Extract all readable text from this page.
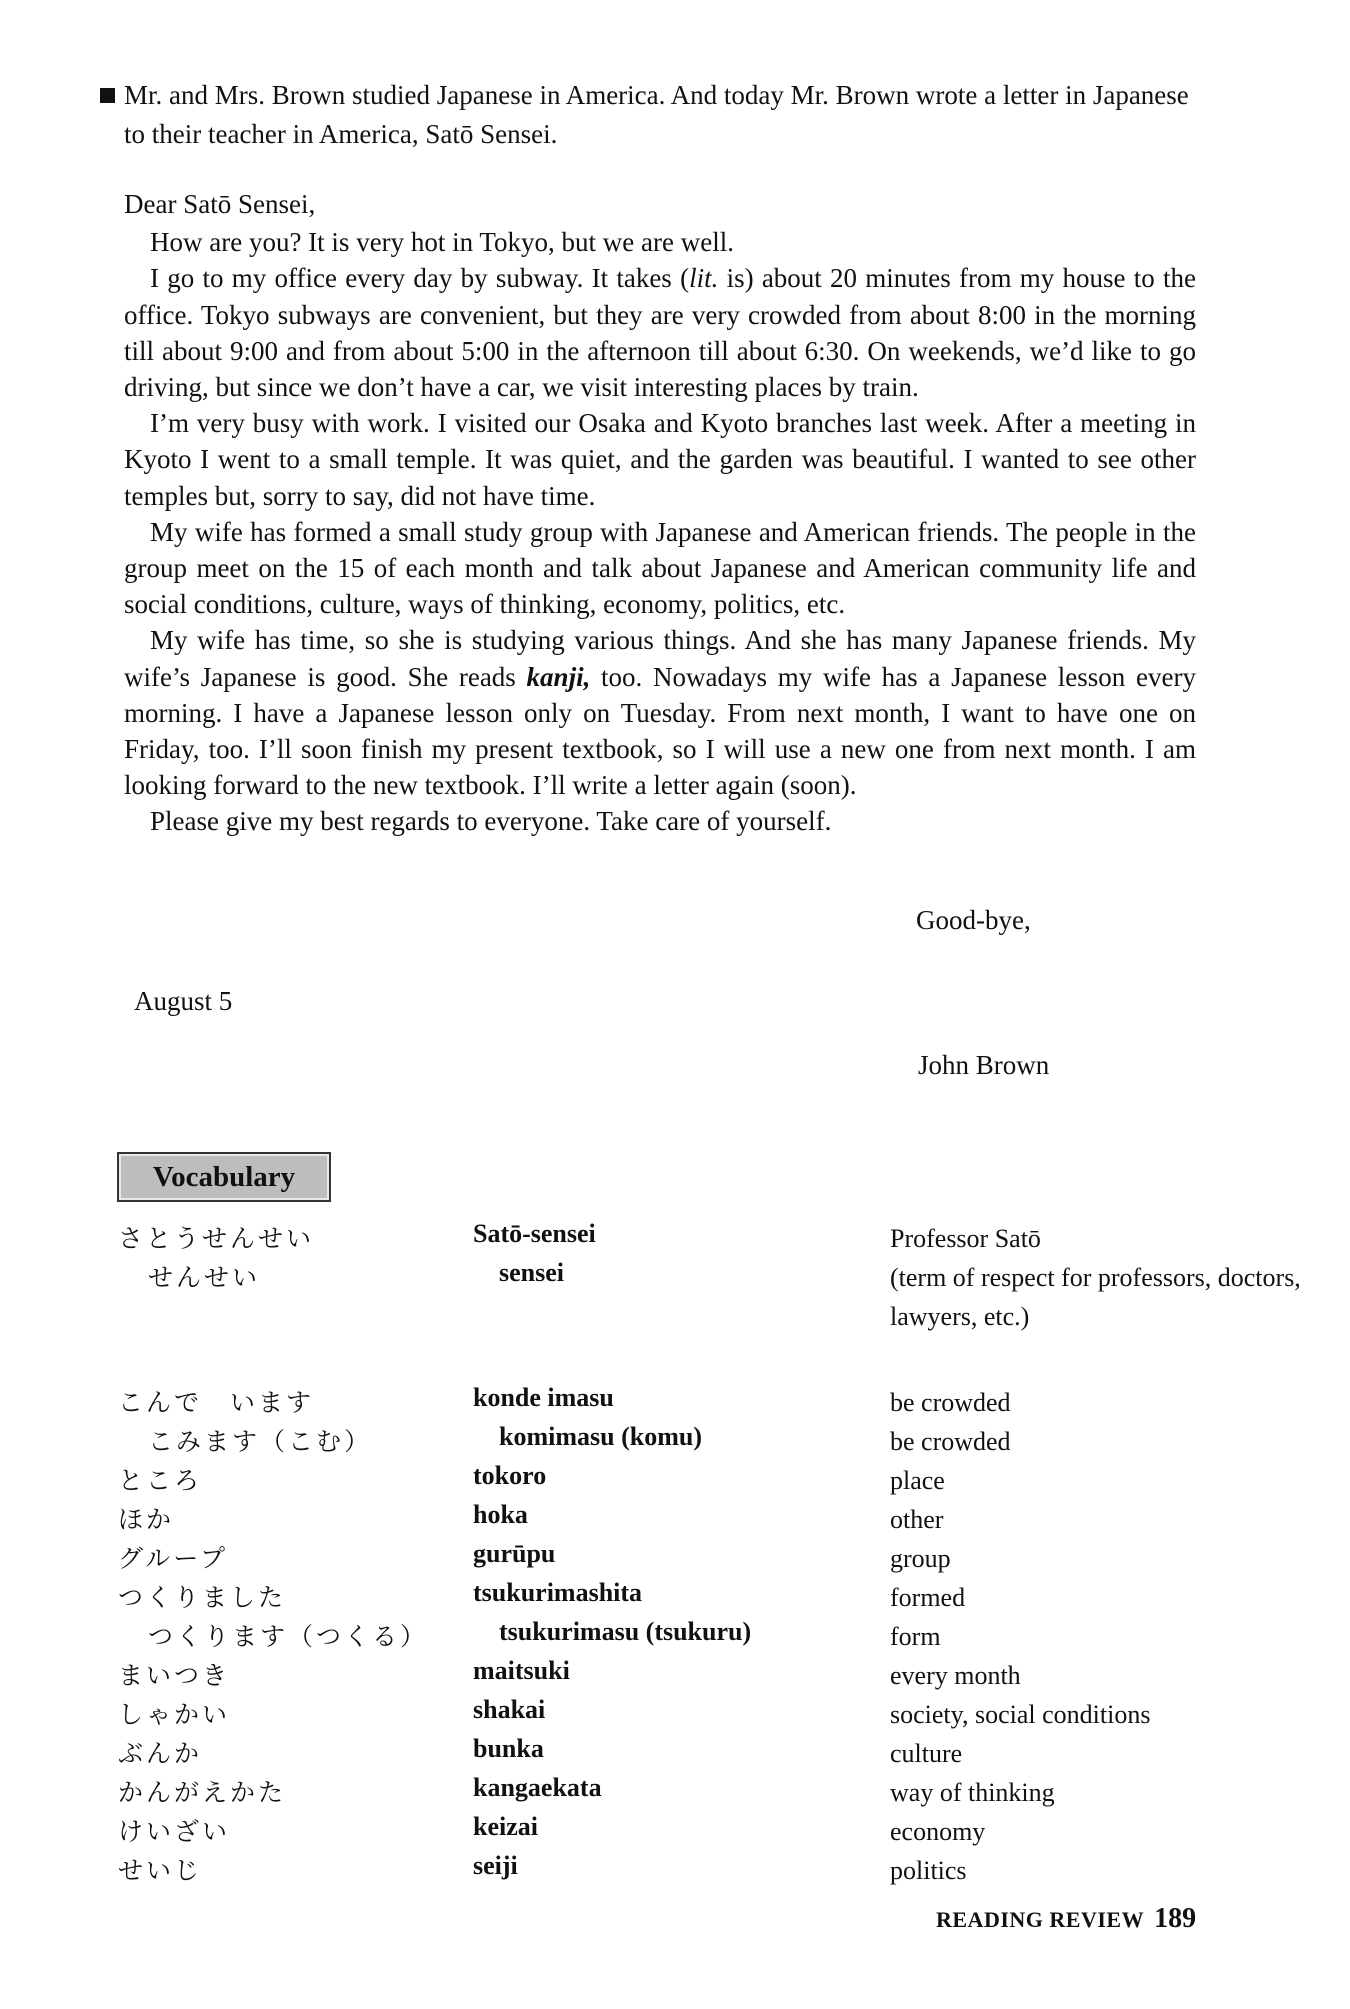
Mr. and Mrs. Brown studied Japanese in America. And today Mr. Brown wrote a letter in Japanese to their teacher in America, Satō Sensei.

Dear Satō Sensei,

How are you? It is very hot in Tokyo, but we are well.

I go to my office every day by subway. It takes (lit. is) about 20 minutes from my house to the office. Tokyo subways are convenient, but they are very crowded from about 8:00 in the morning till about 9:00 and from about 5:00 in the afternoon till about 6:30. On weekends, we’d like to go driving, but since we don’t have a car, we visit interesting places by train.

I’m very busy with work. I visited our Osaka and Kyoto branches last week. After a meeting in Kyoto I went to a small temple. It was quiet, and the garden was beautiful. I wanted to see other temples but, sorry to say, did not have time.

My wife has formed a small study group with Japanese and American friends. The people in the group meet on the 15 of each month and talk about Japanese and American community life and social conditions, culture, ways of thinking, economy, politics, etc.

My wife has time, so she is studying various things. And she has many Japanese friends. My wife’s Japanese is good. She reads kanji, too. Nowadays my wife has a Japanese lesson every morning. I have a Japanese lesson only on Tuesday. From next month, I want to have one on Friday, too. I’ll soon finish my present textbook, so I will use a new one from next month. I am looking forward to the new textbook. I’ll write a letter again (soon).

Please give my best regards to everyone. Take care of yourself.

Good-bye,
August 5
John Brown
Vocabulary
さとうせんせい	Satō-sensei	Professor Satō
せんせい	sensei	(term of respect for professors, doctors, lawyers, etc.)
こんで　います	konde imasu	be crowded
こみます（こむ）	komimasu (komu)	be crowded
ところ	tokoro	place
ほか	hoka	other
グループ	gurūpu	group
つくりました	tsukurimashita	formed
つくります（つくる）	tsukurimasu (tsukuru)	form
まいつき	maitsuki	every month
しゃかい	shakai	society, social conditions
ぶんか	bunka	culture
かんがえかた	kangaekata	way of thinking
けいざい	keizai	economy
せいじ	seiji	politics
READING REVIEW 189
